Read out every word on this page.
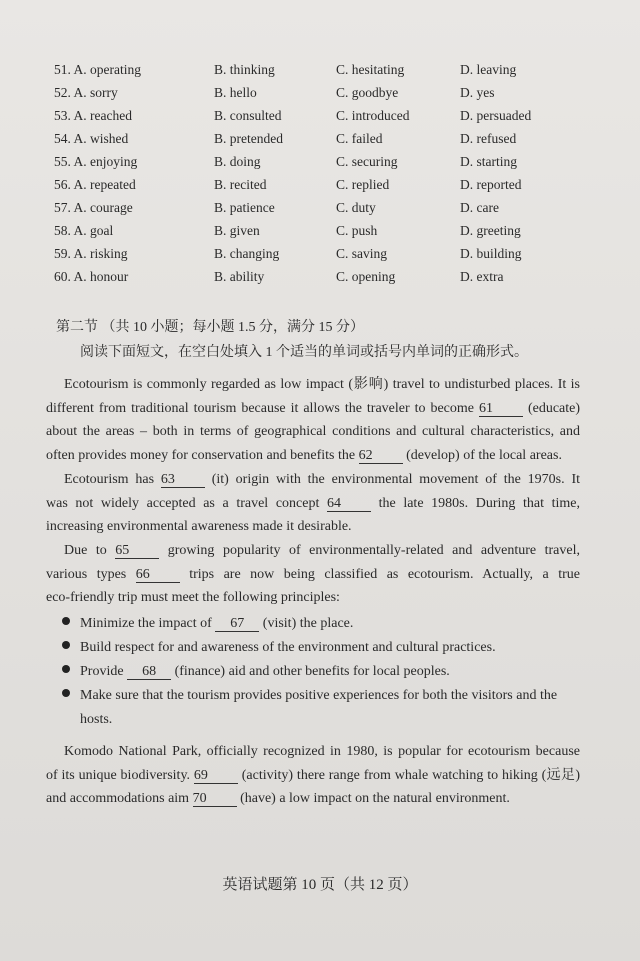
51. A. operating	B. thinking	C. hesitating	D. leaving
52. A. sorry	B. hello	C. goodbye	D. yes
53. A. reached	B. consulted	C. introduced	D. persuaded
54. A. wished	B. pretended	C. failed	D. refused
55. A. enjoying	B. doing	C. securing	D. starting
56. A. repeated	B. recited	C. replied	D. reported
57. A. courage	B. patience	C. duty	D. care
58. A. goal	B. given	C. push	D. greeting
59. A. risking	B. changing	C. saving	D. building
60. A. honour	B. ability	C. opening	D. extra
第二节 （共 10 小题；每小题 1.5 分，满分 15 分）
阅读下面短文，在空白处填入 1 个适当的单词或括号内单词的正确形式。
Ecotourism is commonly regarded as low impact (影响) travel to undisturbed places. It is
different from traditional tourism because it allows the traveler to become 61 (educate)
about the areas – both in terms of geographical conditions and cultural characteristics, and
often provides money for conservation and benefits the 62 (develop) of the local areas.
Ecotourism has 63	(it) origin with the environmental movement of the 1970s. It
was not widely accepted as a travel concept 64	the late 1980s. During that time,
increasing environmental awareness made it desirable.
Due to 65	growing popularity of environmentally-related and adventure travel,
various types 66	trips are now being classified as ecotourism. Actually, a true
eco-friendly trip must meet the following principles:
Minimize the impact of 67 (visit) the place.
Build respect for and awareness of the environment and cultural practices.
Provide 68 (finance) aid and other benefits for local peoples.
Make sure that the tourism provides positive experiences for both the visitors and the
hosts.
Komodo National Park, officially recognized in 1980, is popular for ecotourism because
of its unique biodiversity. 69 (activity) there range from whale watching to hiking (远足)
and accommodations aim 70 (have) a low impact on the natural environment.
英语试题第 10 页（共 12 页）
